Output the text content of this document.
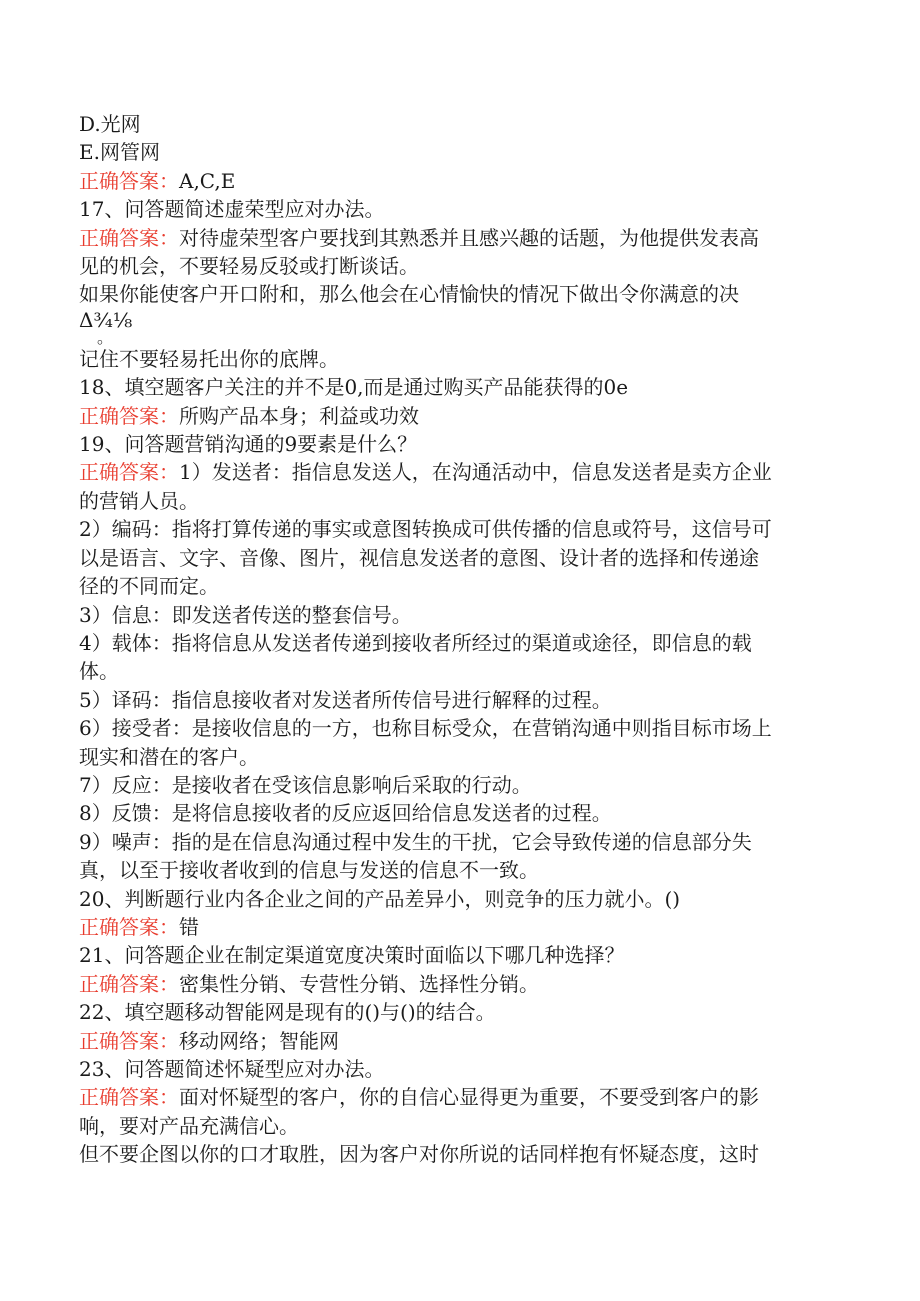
D.光网
E.网管网
正确答案：A,C,E
17、问答题简述虚荣型应对办法。
正确答案：对待虚荣型客户要找到其熟悉并且感兴趣的话题，为他提供发表高
见的机会，不要轻易反驳或打断谈话。
如果你能使客户开口附和，那么他会在心情愉快的情况下做出令你满意的决
Δ¾⅛
。
记住不要轻易托出你的底牌。
18、填空题客户关注的并不是0,而是通过购买产品能获得的0e
正确答案：所购产品本身；利益或功效
19、问答题营销沟通的9要素是什么？
正确答案：1）发送者：指信息发送人，在沟通活动中，信息发送者是卖方企业
的营销人员。
2）编码：指将打算传递的事实或意图转换成可供传播的信息或符号，这信号可
以是语言、文字、音像、图片，视信息发送者的意图、设计者的选择和传递途
径的不同而定。
3）信息：即发送者传送的整套信号。
4）载体：指将信息从发送者传递到接收者所经过的渠道或途径，即信息的载
体。
5）译码：指信息接收者对发送者所传信号进行解释的过程。
6）接受者：是接收信息的一方，也称目标受众，在营销沟通中则指目标市场上
现实和潜在的客户。
7）反应：是接收者在受该信息影响后采取的行动。
8）反馈：是将信息接收者的反应返回给信息发送者的过程。
9）噪声：指的是在信息沟通过程中发生的干扰，它会导致传递的信息部分失
真，以至于接收者收到的信息与发送的信息不一致。
20、判断题行业内各企业之间的产品差异小，则竞争的压力就小。()
正确答案：错
21、问答题企业在制定渠道宽度决策时面临以下哪几种选择？
正确答案：密集性分销、专营性分销、选择性分销。
22、填空题移动智能网是现有的()与()的结合。
正确答案：移动网络；智能网
23、问答题简述怀疑型应对办法。
正确答案：面对怀疑型的客户，你的自信心显得更为重要，不要受到客户的影
响，要对产品充满信心。
但不要企图以你的口才取胜，因为客户对你所说的话同样抱有怀疑态度，这时
